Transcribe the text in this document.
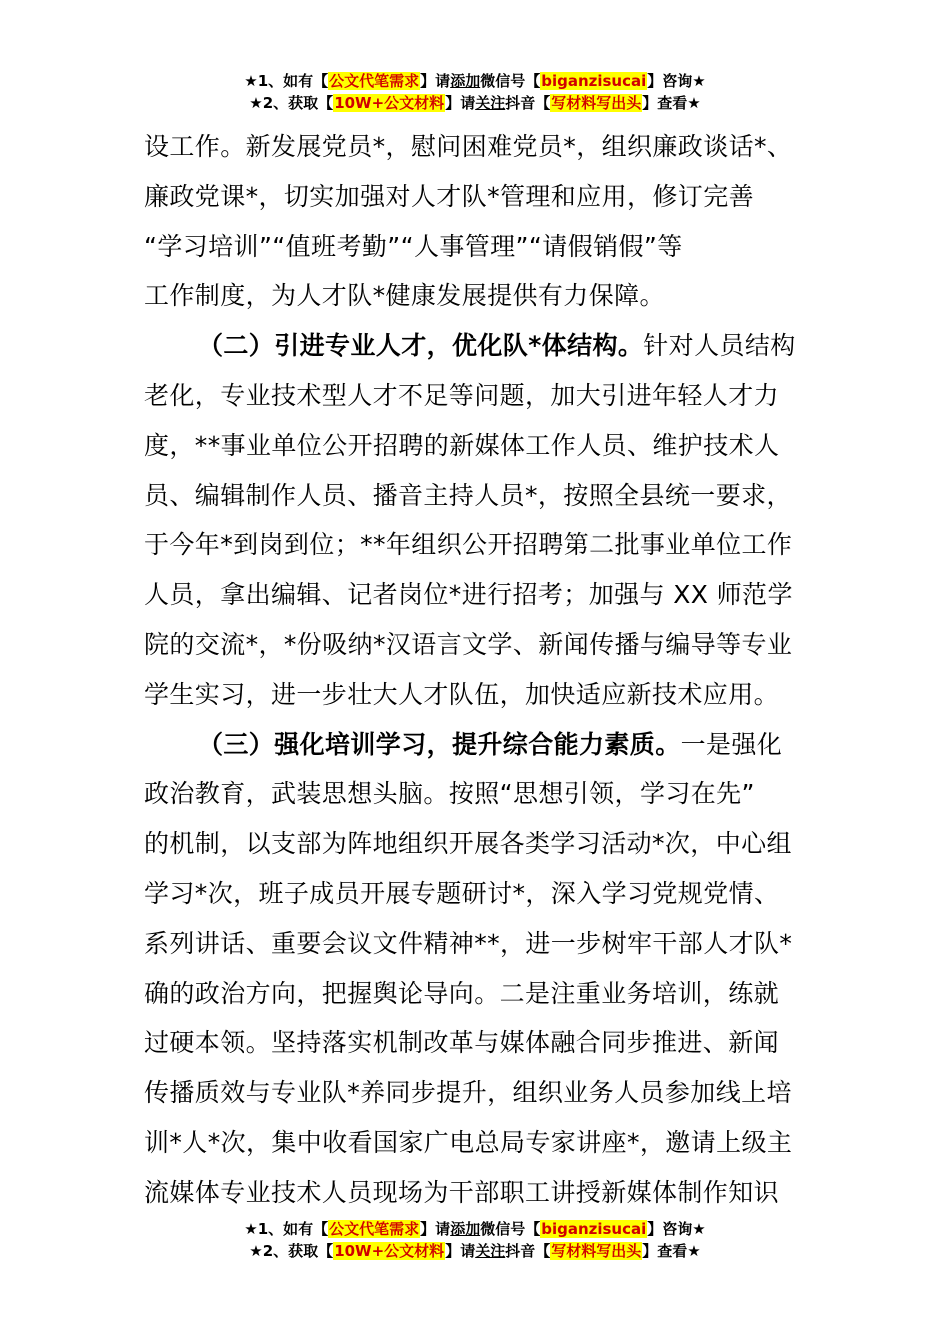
★1、如有【公文代笔需求】请添加微信号【biganzisucai】咨询★
★2、获取【10W+公文材料】请关注抖音【写材料写出头】查看★
设工作。新发展党员*，慰问困难党员*，组织廉政谈话*、
廉政党课*，切实加强对人才队*管理和应用，修订完善
“学习培训”“值班考勤”“人事管理”“请假销假”等
工作制度，为人才队*健康发展提供有力保障。
（二）引进专业人才，优化队*体结构。针对人员结构
老化，专业技术型人才不足等问题，加大引进年轻人才力
度，**事业单位公开招聘的新媒体工作人员、维护技术人
员、编辑制作人员、播音主持人员*，按照全县统一要求，
于今年*到岗到位；**年组织公开招聘第二批事业单位工作
人员，拿出编辑、记者岗位*进行招考；加强与 XX 师范学
院的交流*，*份吸纳*汉语言文学、新闻传播与编导等专业
学生实习，进一步壮大人才队伍，加快适应新技术应用。
（三）强化培训学习，提升综合能力素质。一是强化
政治教育，武装思想头脑。按照“思想引领，学习在先”
的机制，以支部为阵地组织开展各类学习活动*次，中心组
学习*次，班子成员开展专题研讨*，深入学习党规党情、
系列讲话、重要会议文件精神**，进一步树牢干部人才队*
确的政治方向，把握舆论导向。二是注重业务培训，练就
过硬本领。坚持落实机制改革与媒体融合同步推进、新闻
传播质效与专业队*养同步提升，组织业务人员参加线上培
训*人*次，集中收看国家广电总局专家讲座*，邀请上级主
流媒体专业技术人员现场为干部职工讲授新媒体制作知识
★1、如有【公文代笔需求】请添加微信号【biganzisucai】咨询★
★2、获取【10W+公文材料】请关注抖音【写材料写出头】查看★
